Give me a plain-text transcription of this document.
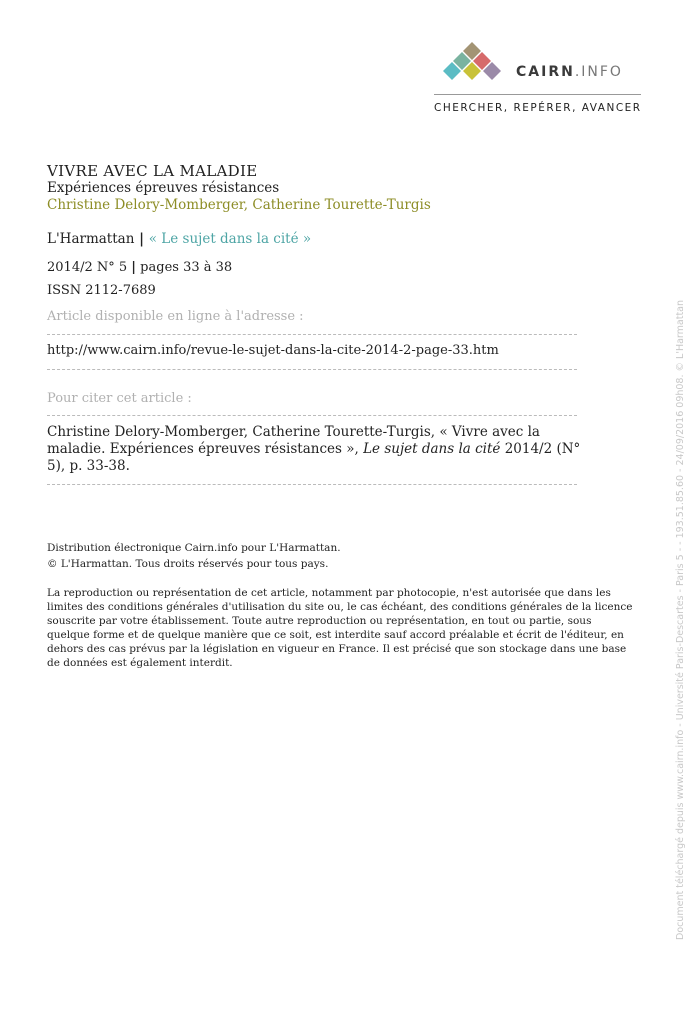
CAIRN.INFO
CHERCHER, REPÉRER, AVANCER
VIVRE AVEC LA MALADIE
Expériences épreuves résistances
Christine Delory-Momberger, Catherine Tourette-Turgis
L'Harmattan | « Le sujet dans la cité »
2014/2 N° 5 | pages 33 à 38
ISSN 2112-7689
Article disponible en ligne à l'adresse :
http://www.cairn.info/revue-le-sujet-dans-la-cite-2014-2-page-33.htm
Pour citer cet article :
Christine Delory-Momberger, Catherine Tourette-Turgis, « Vivre avec la maladie. Expériences épreuves résistances », Le sujet dans la cité 2014/2 (N° 5), p. 33-38.
Distribution électronique Cairn.info pour L'Harmattan.
© L'Harmattan. Tous droits réservés pour tous pays.
La reproduction ou représentation de cet article, notamment par photocopie, n'est autorisée que dans les limites des conditions générales d'utilisation du site ou, le cas échéant, des conditions générales de la licence souscrite par votre établissement. Toute autre reproduction ou représentation, en tout ou partie, sous quelque forme et de quelque manière que ce soit, est interdite sauf accord préalable et écrit de l'éditeur, en dehors des cas prévus par la législation en vigueur en France. Il est précisé que son stockage dans une base de données est également interdit.	Document téléchargé depuis www.cairn.info - Université Paris-Descartes - Paris 5 - - 193.51.85.60 - 24/09/2016 09h08. © L'Harmattan
